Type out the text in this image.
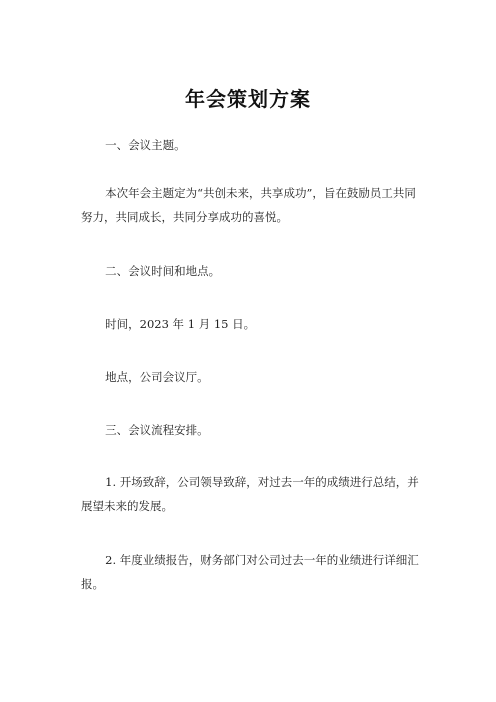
年会策划方案

一、会议主题。

本次年会主题定为“共创未来，共享成功”，旨在鼓励员工共同努力，共同成长，共同分享成功的喜悦。

二、会议时间和地点。

时间，2023 年 1 月 15 日。

地点，公司会议厅。

三、会议流程安排。

1. 开场致辞，公司领导致辞，对过去一年的成绩进行总结，并展望未来的发展。

2. 年度业绩报告，财务部门对公司过去一年的业绩进行详细汇报。
